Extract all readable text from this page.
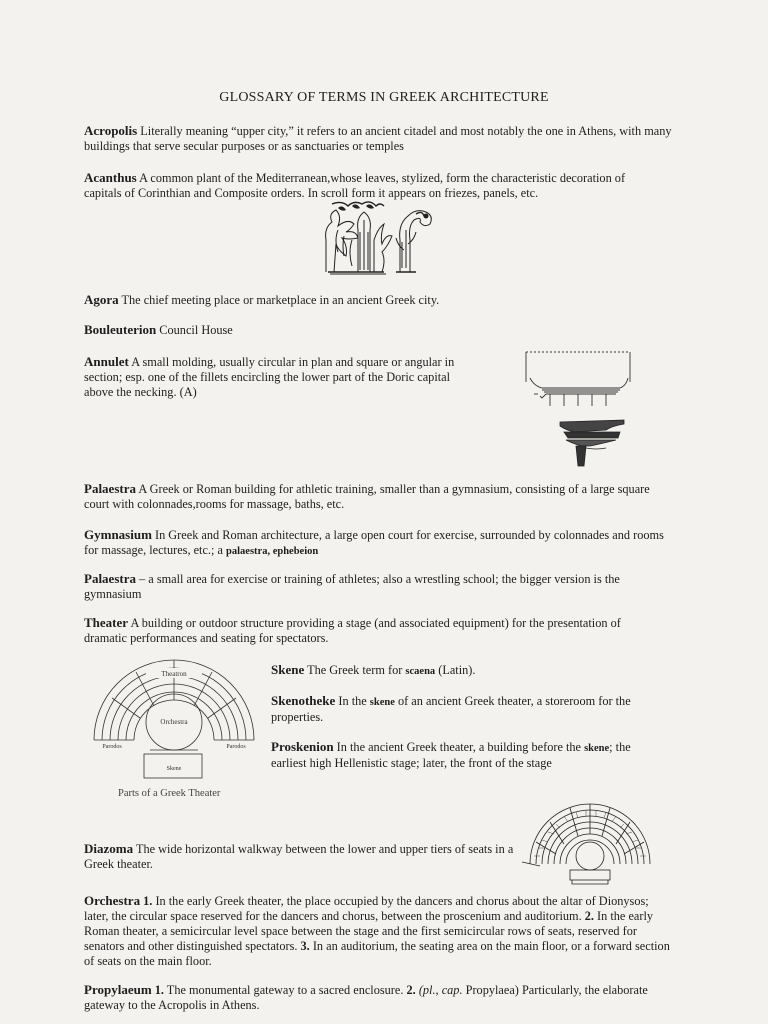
GLOSSARY OF TERMS IN GREEK ARCHITECTURE
Acropolis Literally meaning “upper city,” it refers to an ancient citadel and most notably the one in Athens, with many buildings that serve secular purposes or as sanctuaries or temples
Acanthus A common plant of the Mediterranean,whose leaves, stylized, form the characteristic decoration of capitals of Corinthian and Composite orders. In scroll form it appears on friezes, panels, etc.
Agora The chief meeting place or marketplace in an ancient Greek city.
Bouleuterion Council House
Annulet A small molding, usually circular in plan and square or angular in section; esp. one of the fillets encircling the lower part of the Doric capital above the necking. (A)
Palaestra A Greek or Roman building for athletic training, smaller than a gymnasium, consisting of a large square court with colonnades,rooms for massage, baths, etc.
Gymnasium In Greek and Roman architecture, a large open court for exercise, surrounded by colonnades and rooms for massage, lectures, etc.; a palaestra, ephebeion
Palaestra – a small area for exercise or training of athletes; also a wrestling school; the bigger version is the gymnasium
Theater A building or outdoor structure providing a stage (and associated equipment) for the presentation of dramatic performances and seating for spectators.
Theatron
Orchestra
Parodos	Parodos
Skene
Parts of a Greek Theater
Skene The Greek term for scaena (Latin).
Skenotheke In the skene of an ancient Greek theater, a storeroom for the properties.
Proskenion In the ancient Greek theater, a building before the skene; the earliest high Hellenistic stage; later, the front of the stage
Diazoma The wide horizontal walkway between the lower and upper tiers of seats in a Greek theater.
Orchestra 1. In the early Greek theater, the place occupied by the dancers and chorus about the altar of Dionysos; later, the circular space reserved for the dancers and chorus, between the proscenium and auditorium. 2. In the early Roman theater, a semicircular level space between the stage and the first semicircular rows of seats, reserved for senators and other distinguished spectators. 3. In an auditorium, the seating area on the main floor, or a forward section of seats on the main floor.
Propylaeum 1. The monumental gateway to a sacred enclosure. 2. (pl., cap. Propylaea) Particularly, the elaborate gateway to the Acropolis in Athens.
